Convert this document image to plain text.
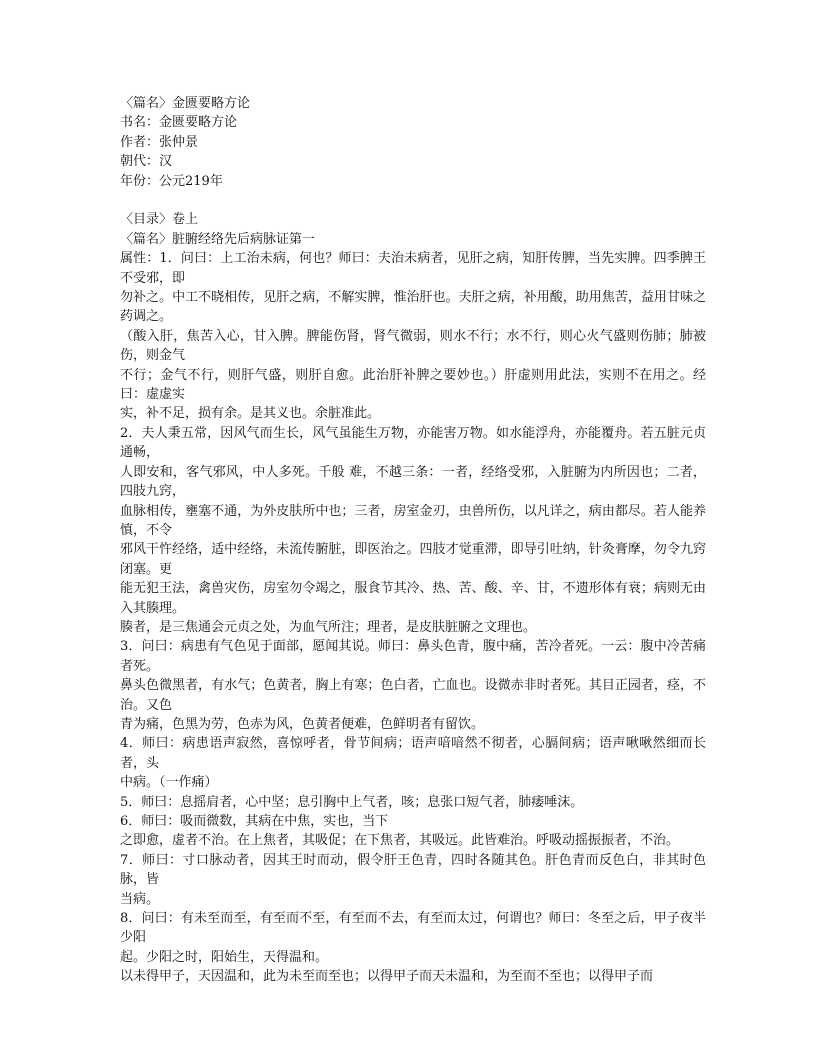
〈篇名〉金匮要略方论
书名：金匮要略方论
作者：张仲景
朝代：汉
年份：公元219年
〈目录〉卷上
〈篇名〉脏腑经络先后病脉证第一
属性：1．问曰：上工治未病，何也？师曰：夫治未病者，见肝之病，知肝传脾，当先实脾。四季脾王不受邪，即
勿补之。中工不晓相传，见肝之病，不解实脾，惟治肝也。夫肝之病，补用酸，助用焦苦，益用甘味之药调之。
（酸入肝，焦苦入心，甘入脾。脾能伤肾，肾气微弱，则水不行；水不行，则心火气盛则伤肺；肺被伤，则金气
不行；金气不行，则肝气盛，则肝自愈。此治肝补脾之要妙也。）肝虚则用此法，实则不在用之。经曰：虚虚实
实，补不足，损有余。是其义也。余脏准此。
2．夫人秉五常，因风气而生长，风气虽能生万物，亦能害万物。如水能浮舟，亦能覆舟。若五脏元贞通畅，
人即安和，客气邪风，中人多死。千般 难，不越三条：一者，经络受邪，入脏腑为内所因也；二者，四肢九窍，
血脉相传，壅塞不通，为外皮肤所中也；三者，房室金刃，虫兽所伤，以凡详之，病由都尽。若人能养慎，不令
邪风干忤经络，适中经络，未流传腑脏，即医治之。四肢才觉重滞，即导引吐纳，针灸膏摩，勿令九窍闭塞。更
能无犯王法，禽兽灾伤，房室勿令竭之，服食节其冷、热、苦、酸、辛、甘，不遗形体有衰；病则无由入其腠理。
腠者，是三焦通会元贞之处，为血气所注；理者，是皮肤脏腑之文理也。
3．问曰：病患有气色见于面部，愿闻其说。师曰：鼻头色青，腹中痛，苦冷者死。一云：腹中冷苦痛者死。
鼻头色微黑者，有水气；色黄者，胸上有寒；色白者，亡血也。设微赤非时者死。其目正园者，痉，不治。又色
青为痛，色黑为劳，色赤为风，色黄者便难，色鲜明者有留饮。
4．师曰：病患语声寂然，喜惊呼者，骨节间病；语声喑喑然不彻者，心膈间病；语声啾啾然细而长者，头
中病。（一作痛）
5．师曰：息摇肩者，心中坚；息引胸中上气者，咳；息张口短气者，肺痿唾沫。
6．师曰：吸而微数，其病在中焦，实也，当下
之即愈，虚者不治。在上焦者，其吸促；在下焦者，其吸远。此皆难治。呼吸动摇振振者，不治。
7．师曰：寸口脉动者，因其王时而动，假令肝王色青，四时各随其色。肝色青而反色白，非其时色脉，皆
当病。
8．问曰：有未至而至，有至而不至，有至而不去，有至而太过，何谓也？师曰：冬至之后，甲子夜半少阳
起。少阳之时，阳始生，天得温和。
以未得甲子，天因温和，此为未至而至也；以得甲子而天未温和，为至而不至也；以得甲子而
